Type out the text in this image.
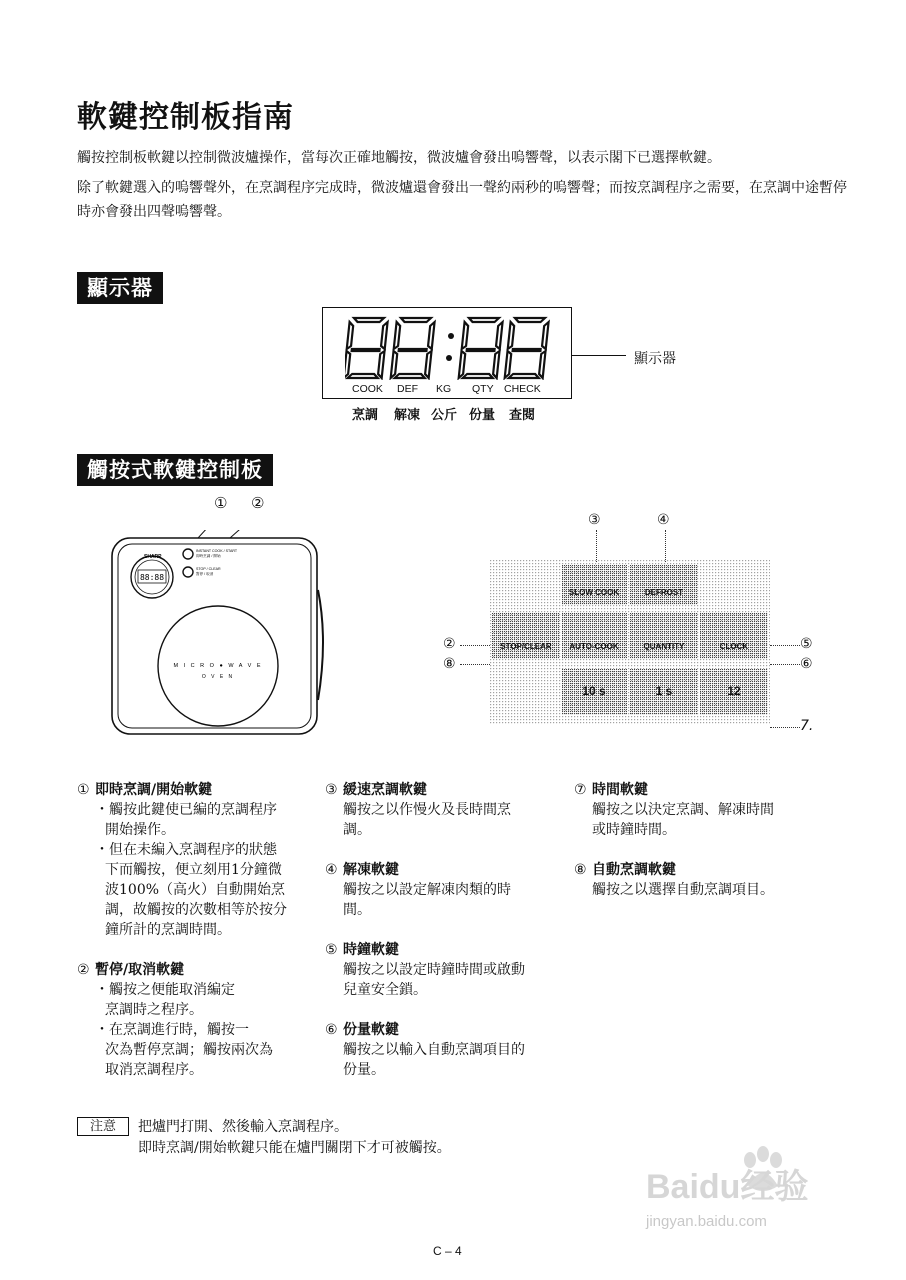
軟鍵控制板指南
觸按控制板軟鍵以控制微波爐操作，當每次正確地觸按，微波爐會發出嗚響聲，以表示閣下已選擇軟鍵。
除了軟鍵選入的嗚響聲外，在烹調程序完成時，微波爐還會發出一聲約兩秒的嗚響聲；而按烹調程序之需要，在烹調中途暫停時亦會發出四聲嗚響聲。
顯示器
COOK DEF KG QTY CHECK
烹調 解凍 公斤 份量 查閱
顯示器
觸按式軟鍵控制板
① ②
88:88
SHARP
INSTANT COOK / START
即時烹調 / 開始
STOP / CLEAR
暫停 / 取消
M I C R O ● W A V E
O V E N
③	④
②
⑧
⑤
⑥
7.
SLOW COOK	DEFROST
STOP/CLEAR AUTO-COOK	QUANTITY	CLOCK
10 s	1 s	12
① 即時烹調/開始軟鍵
・觸按此鍵使已編的烹調程序
開始操作。
・但在未編入烹調程序的狀態
下而觸按，便立刻用1分鐘微
波100%（高火）自動開始烹
調，故觸按的次數相等於按分
鐘所計的烹調時間。
② 暫停/取消軟鍵
・觸按之便能取消編定
烹調時之程序。
・在烹調進行時，觸按一
次為暫停烹調；觸按兩次為
取消烹調程序。
③ 緩速烹調軟鍵
觸按之以作慢火及長時間烹
調。
④ 解凍軟鍵
觸按之以設定解凍肉類的時
間。
⑤ 時鐘軟鍵
觸按之以設定時鐘時間或啟動
兒童安全鎖。
⑥ 份量軟鍵
觸按之以輸入自動烹調項目的
份量。
⑦ 時間軟鍵
觸按之以決定烹調、解凍時間
或時鐘時間。
⑧ 自動烹調軟鍵
觸按之以選擇自動烹調項目。
注意	把爐門打開、然後輸入烹調程序。
即時烹調/開始軟鍵只能在爐門關閉下才可被觸按。
C – 4
Baidu经验
jingyan.baidu.com
